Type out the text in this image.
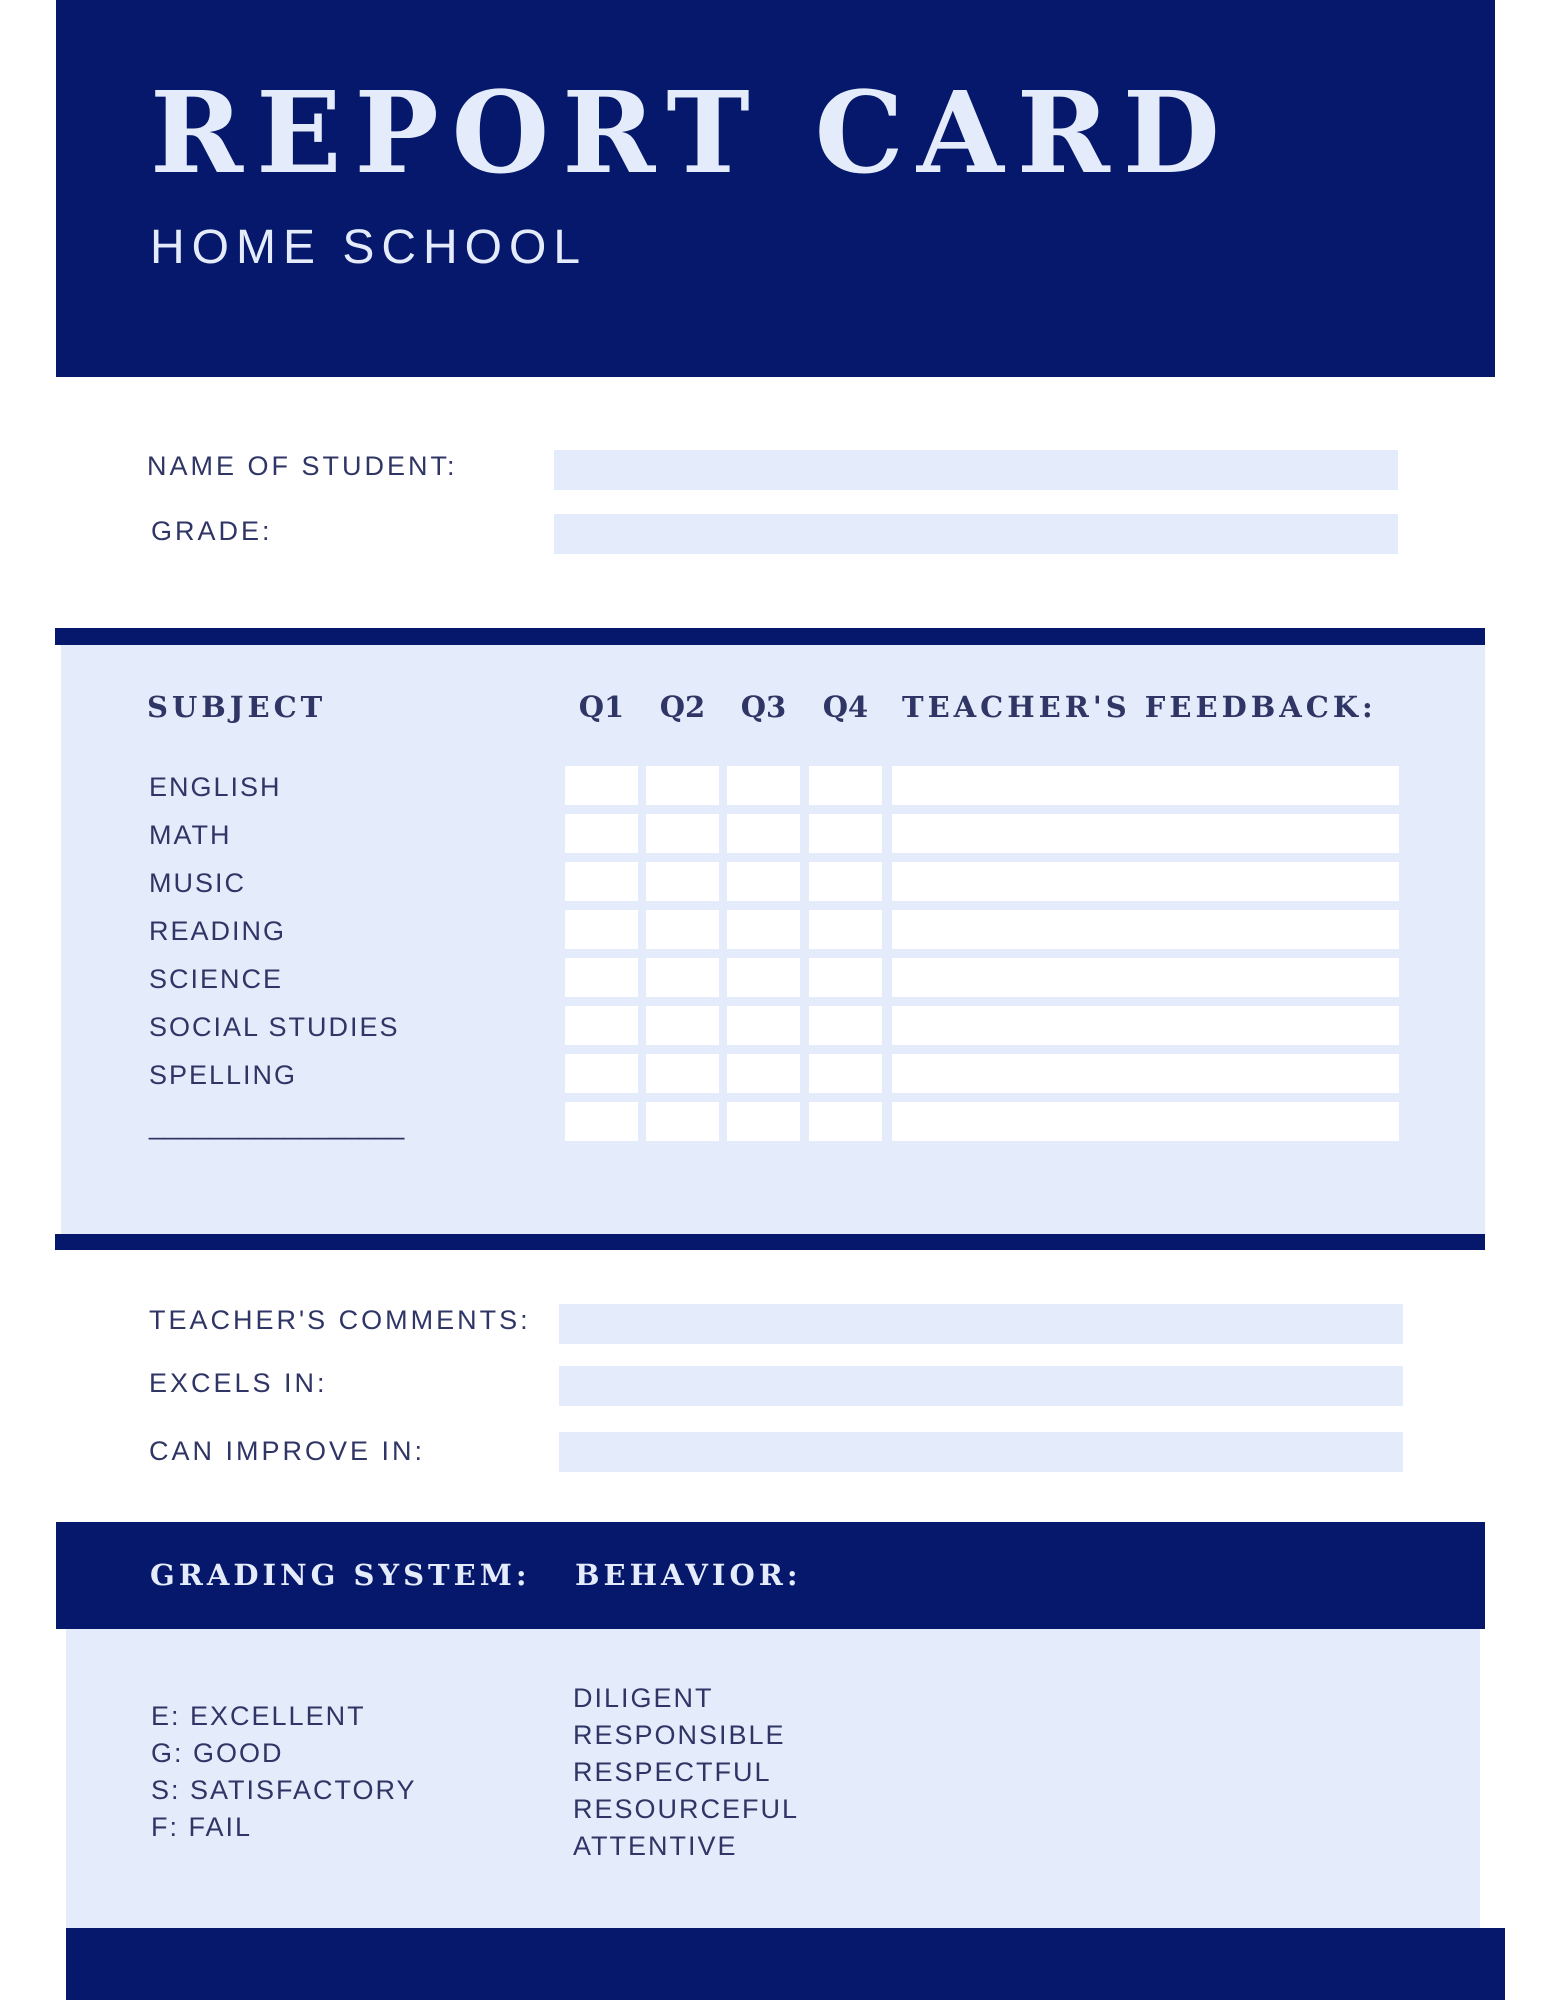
REPORT CARD
HOME SCHOOL
NAME OF STUDENT:
GRADE:
SUBJECT	Q1	Q2	Q3	Q4	TEACHER'S FEEDBACK:
ENGLISH
MATH
MUSIC
READING
SCIENCE
SOCIAL STUDIES
SPELLING
_________________
TEACHER'S COMMENTS:
EXCELS IN:
CAN IMPROVE IN:
GRADING SYSTEM: BEHAVIOR:
E: EXCELLENT
G: GOOD
S: SATISFACTORY
F: FAIL
DILIGENT
RESPONSIBLE
RESPECTFUL
RESOURCEFUL
ATTENTIVE
